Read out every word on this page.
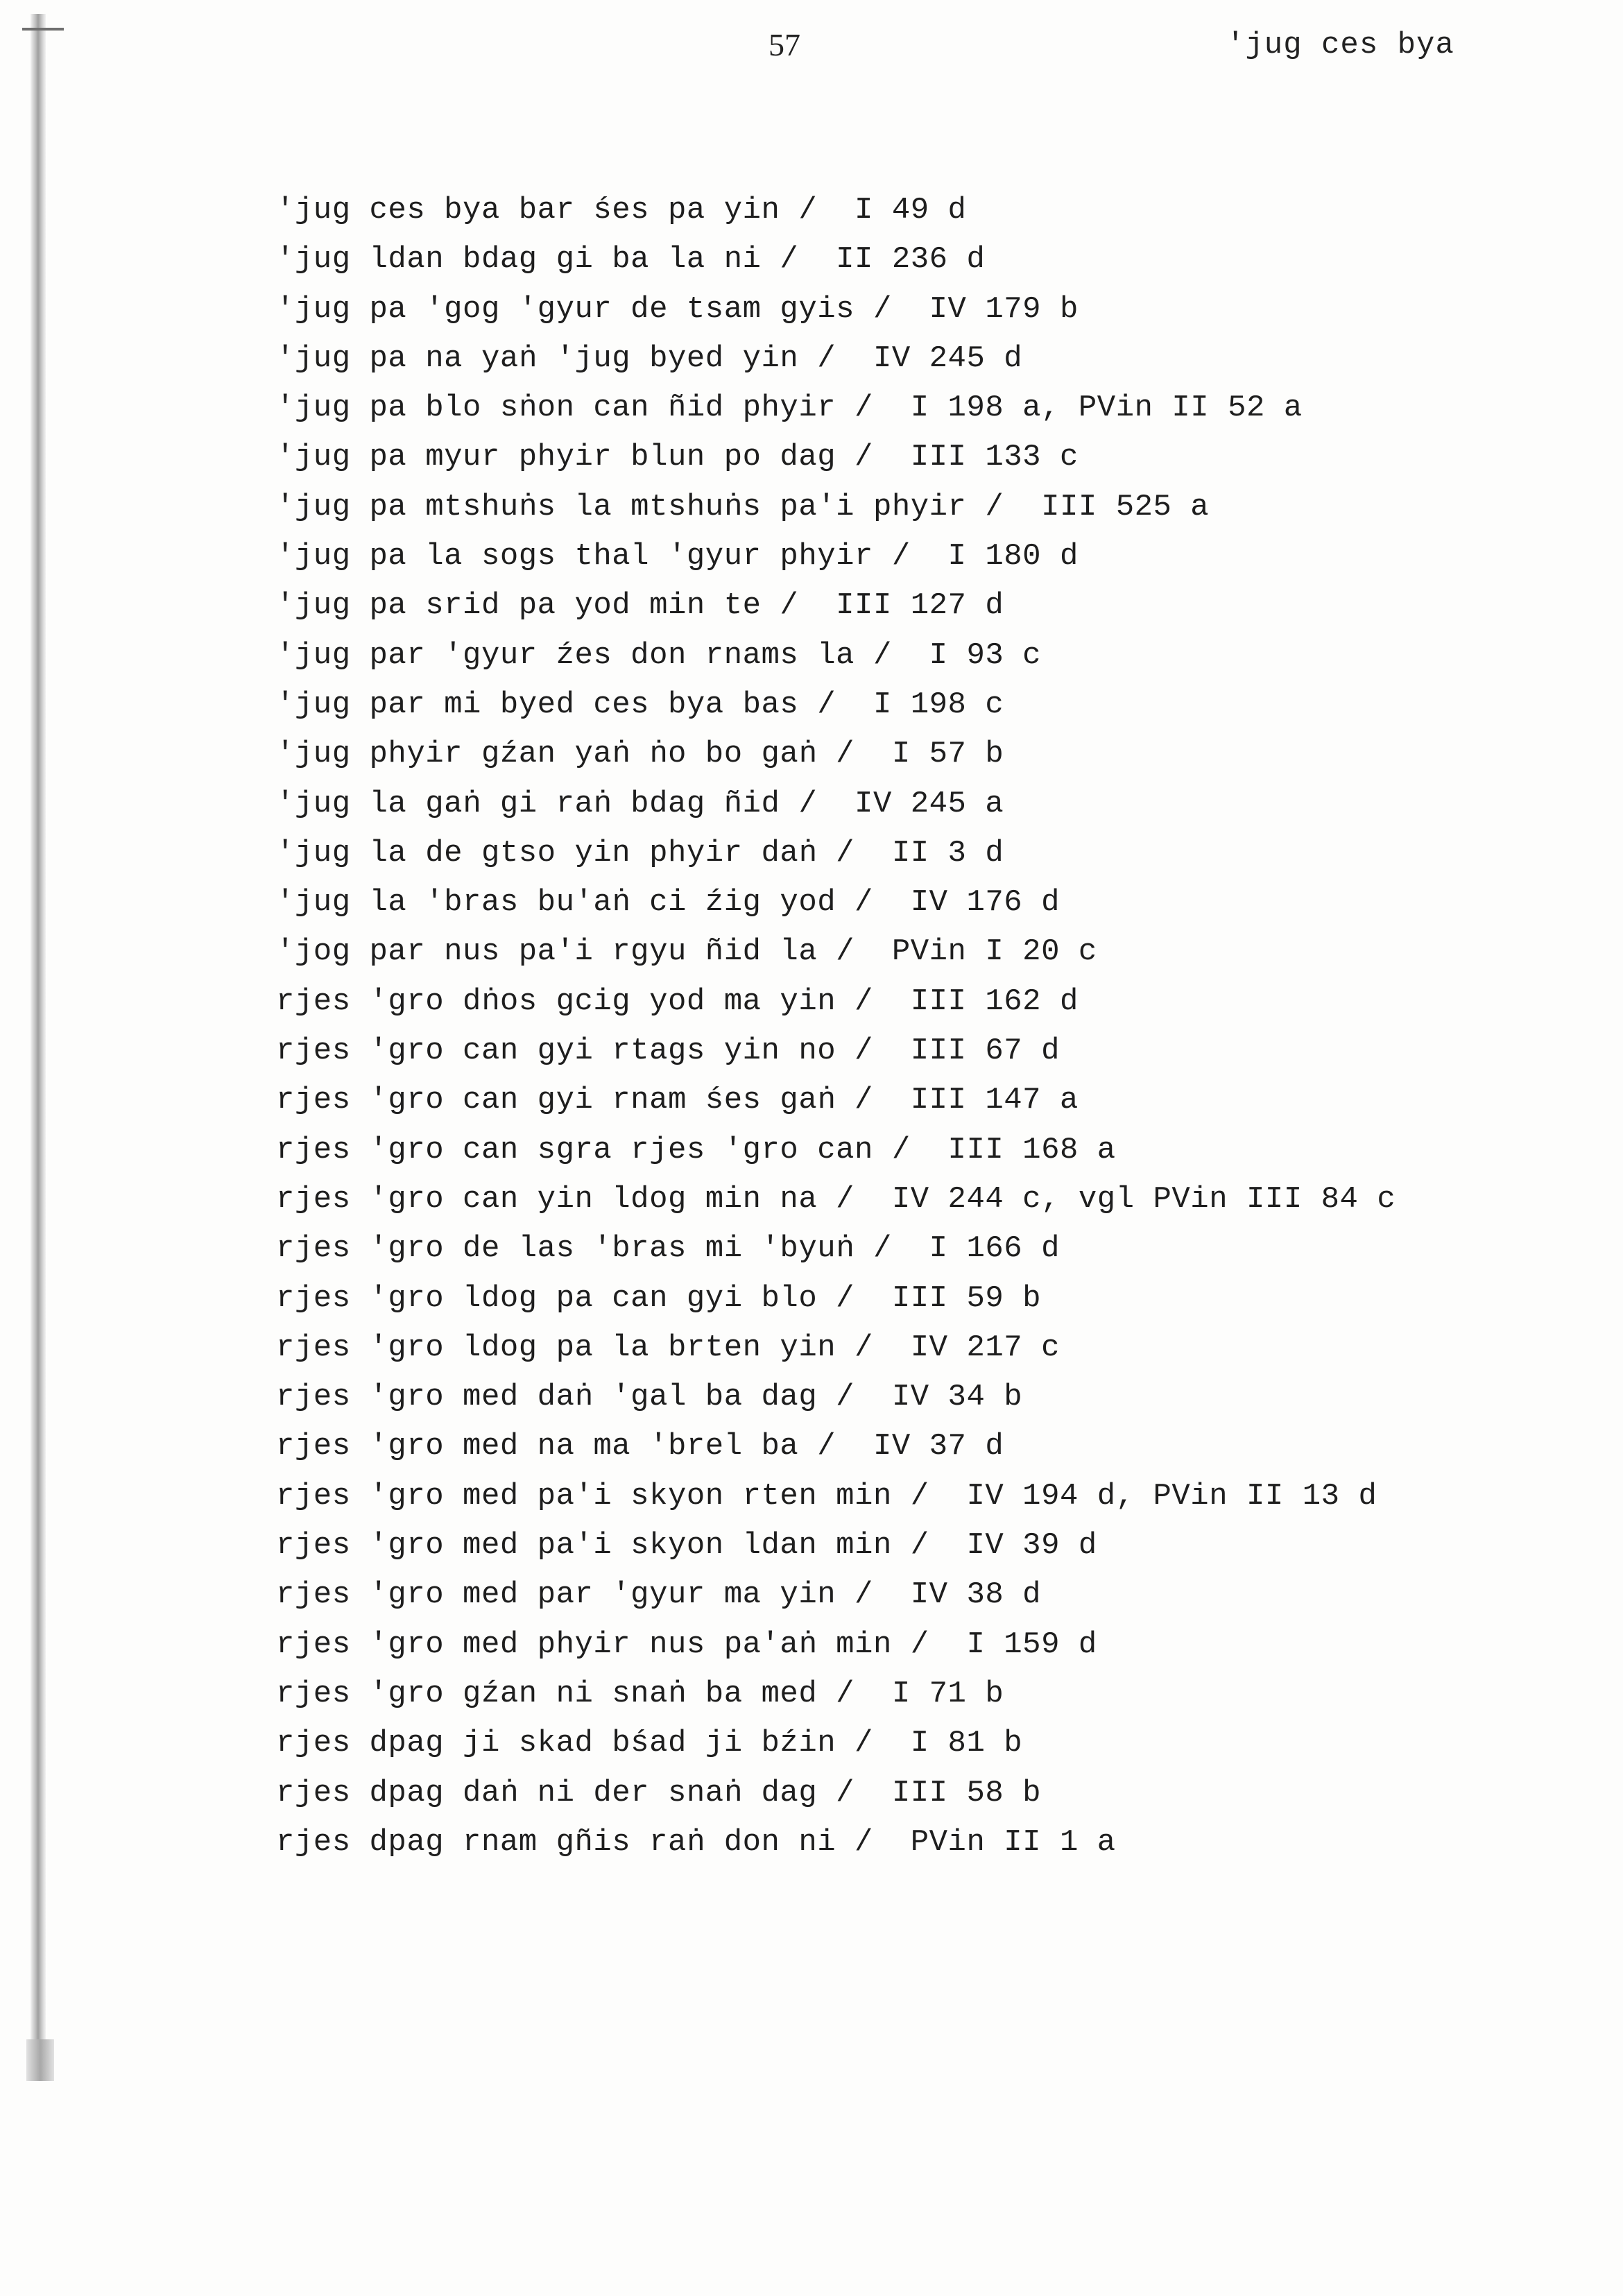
57	'jug ces bya
'jug ces bya bar śes pa yin /  I 49 d
'jug ldan bdag gi ba la ni /  II 236 d
'jug pa 'gog 'gyur de tsam gyis /  IV 179 b
'jug pa na yaṅ 'jug byed yin /  IV 245 d
'jug pa blo sṅon can ñid phyir /  I 198 a, PVin II 52 a
'jug pa myur phyir blun po dag /  III 133 c
'jug pa mtshuṅs la mtshuṅs pa'i phyir /  III 525 a
'jug pa la sogs thal 'gyur phyir /  I 180 d
'jug pa srid pa yod min te /  III 127 d
'jug par 'gyur źes don rnams la /  I 93 c
'jug par mi byed ces bya bas /  I 198 c
'jug phyir gźan yaṅ ṅo bo gaṅ /  I 57 b
'jug la gaṅ gi raṅ bdag ñid /  IV 245 a
'jug la de gtso yin phyir daṅ /  II 3 d
'jug la 'bras bu'aṅ ci źig yod /  IV 176 d
'jog par nus pa'i rgyu ñid la /  PVin I 20 c
rjes 'gro dṅos gcig yod ma yin /  III 162 d
rjes 'gro can gyi rtags yin no /  III 67 d
rjes 'gro can gyi rnam śes gaṅ /  III 147 a
rjes 'gro can sgra rjes 'gro can /  III 168 a
rjes 'gro can yin ldog min na /  IV 244 c, vgl PVin III 84 c
rjes 'gro de las 'bras mi 'byuṅ /  I 166 d
rjes 'gro ldog pa can gyi blo /  III 59 b
rjes 'gro ldog pa la brten yin /  IV 217 c
rjes 'gro med daṅ 'gal ba dag /  IV 34 b
rjes 'gro med na ma 'brel ba /  IV 37 d
rjes 'gro med pa'i skyon rten min /  IV 194 d, PVin II 13 d
rjes 'gro med pa'i skyon ldan min /  IV 39 d
rjes 'gro med par 'gyur ma yin /  IV 38 d
rjes 'gro med phyir nus pa'aṅ min /  I 159 d
rjes 'gro gźan ni snaṅ ba med /  I 71 b
rjes dpag ji skad bśad ji bźin /  I 81 b
rjes dpag daṅ ni der snaṅ dag /  III 58 b
rjes dpag rnam gñis raṅ don ni /  PVin II 1 a
